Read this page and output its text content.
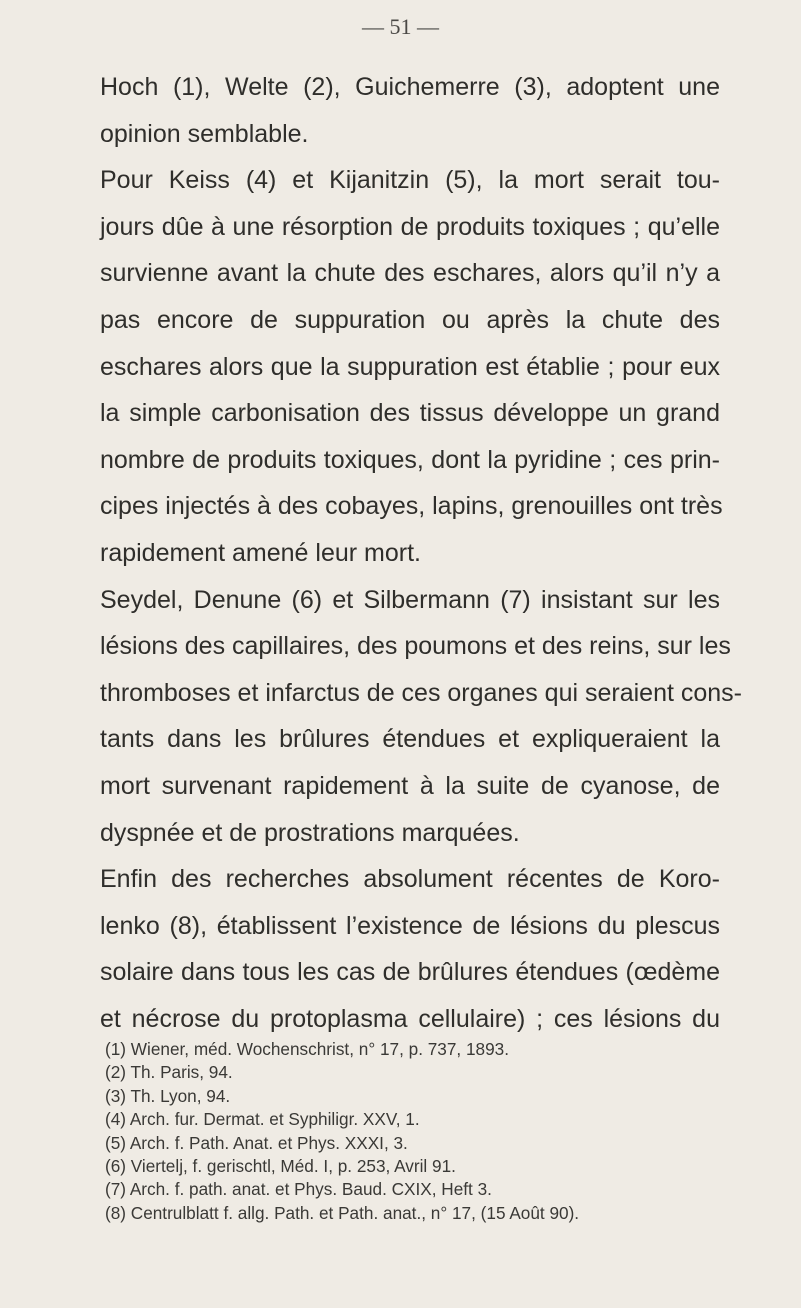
— 51 —
Hoch (1), Welte (2), Guichemerre (3), adoptent une
opinion semblable.
Pour Keiss (4) et Kijanitzin (5), la mort serait tou-
jours dûe à une résorption de produits toxiques ; qu’elle
survienne avant la chute des eschares, alors qu’il n’y a
pas encore de suppuration ou après la chute des
eschares alors que la suppuration est établie ; pour eux
la simple carbonisation des tissus développe un grand
nombre de produits toxiques, dont la pyridine ; ces prin-
cipes injectés à des cobayes, lapins, grenouilles ont très
rapidement amené leur mort.
Seydel, Denune (6) et Silbermann (7) insistant sur les
lésions des capillaires, des poumons et des reins, sur les
thromboses et infarctus de ces organes qui seraient cons-
tants dans les brûlures étendues et expliqueraient la
mort survenant rapidement à la suite de cyanose, de
dyspnée et de prostrations marquées.
Enfin des recherches absolument récentes de Koro-
lenko (8), établissent l’existence de lésions du plescus
solaire dans tous les cas de brûlures étendues (œdème
et nécrose du protoplasma cellulaire) ; ces lésions du
(1) Wiener, méd. Wochenschrist, n° 17, p. 737, 1893.
(2) Th. Paris, 94.
(3) Th. Lyon, 94.
(4) Arch. fur. Dermat. et Syphiligr. XXV, 1.
(5) Arch. f. Path. Anat. et Phys. XXXI, 3.
(6) Viertelj, f. gerischtl, Méd. I, p. 253, Avril 91.
(7) Arch. f. path. anat. et Phys. Baud. CXIX, Heft 3.
(8) Centrulblatt f. allg. Path. et Path. anat., n° 17, (15 Août 90).
